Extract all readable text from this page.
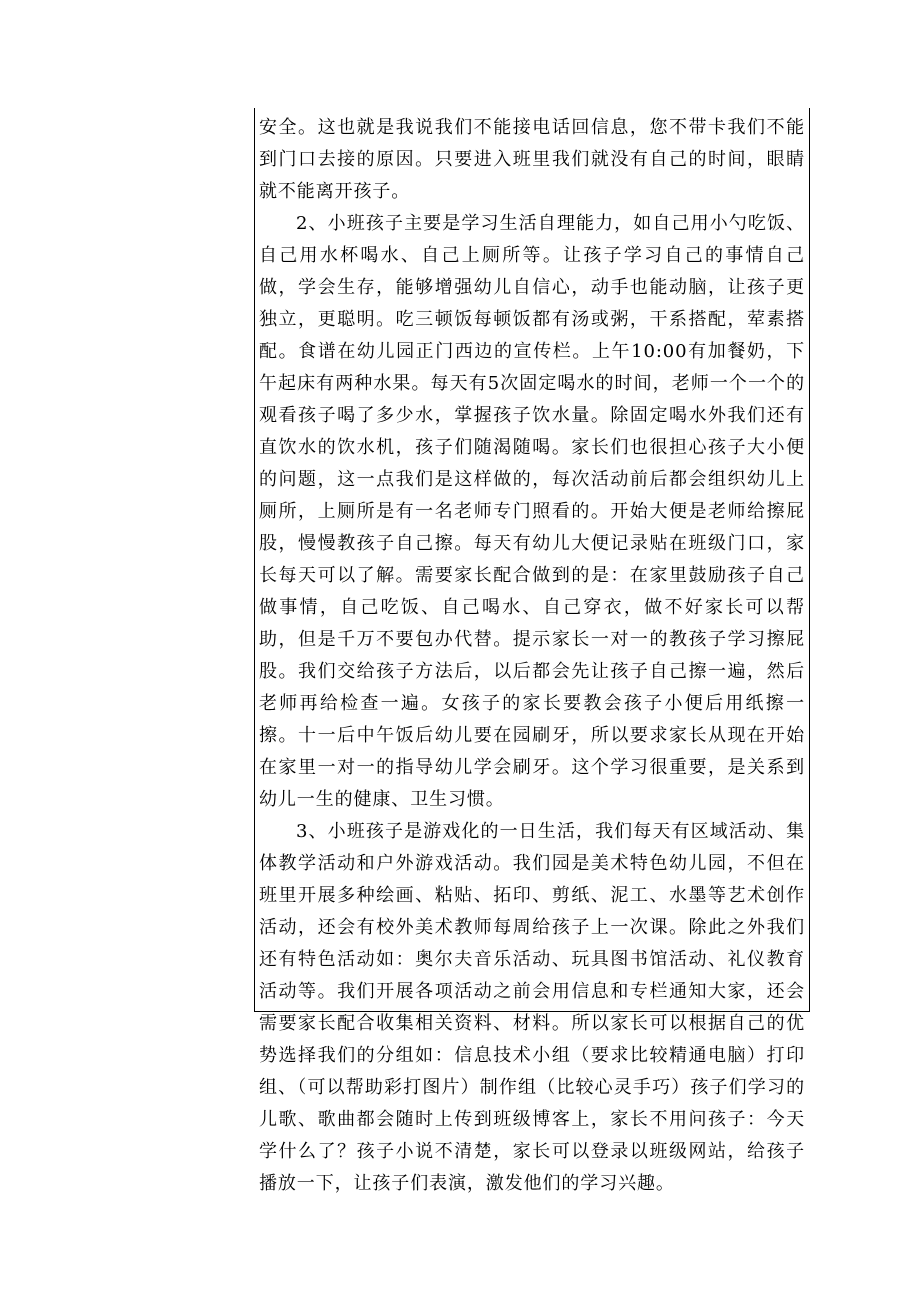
安全。这也就是我说我们不能接电话回信息，您不带卡我们不能到门口去接的原因。只要进入班里我们就没有自己的时间，眼睛就不能离开孩子。

2、小班孩子主要是学习生活自理能力，如自己用小勺吃饭、自己用水杯喝水、自己上厕所等。让孩子学习自己的事情自己做，学会生存，能够增强幼儿自信心，动手也能动脑，让孩子更独立，更聪明。吃三顿饭每顿饭都有汤或粥，干系搭配，荤素搭配。食谱在幼儿园正门西边的宣传栏。上午10:00有加餐奶，下午起床有两种水果。每天有5次固定喝水的时间，老师一个一个的观看孩子喝了多少水，掌握孩子饮水量。除固定喝水外我们还有直饮水的饮水机，孩子们随渴随喝。家长们也很担心孩子大小便的问题，这一点我们是这样做的，每次活动前后都会组织幼儿上厕所，上厕所是有一名老师专门照看的。开始大便是老师给擦屁股，慢慢教孩子自己擦。每天有幼儿大便记录贴在班级门口，家长每天可以了解。需要家长配合做到的是：在家里鼓励孩子自己做事情，自己吃饭、自己喝水、自己穿衣，做不好家长可以帮助，但是千万不要包办代替。提示家长一对一的教孩子学习擦屁股。我们交给孩子方法后，以后都会先让孩子自己擦一遍，然后老师再给检查一遍。女孩子的家长要教会孩子小便后用纸擦一擦。十一后中午饭后幼儿要在园刷牙，所以要求家长从现在开始在家里一对一的指导幼儿学会刷牙。这个学习很重要，是关系到幼儿一生的健康、卫生习惯。

3、小班孩子是游戏化的一日生活，我们每天有区域活动、集体教学活动和户外游戏活动。我们园是美术特色幼儿园，不但在班里开展多种绘画、粘贴、拓印、剪纸、泥工、水墨等艺术创作活动，还会有校外美术教师每周给孩子上一次课。除此之外我们还有特色活动如：奥尔夫音乐活动、玩具图书馆活动、礼仪教育活动等。我们开展各项活动之前会用信息和专栏通知大家，还会需要家长配合收集相关资料、材料。所以家长可以根据自己的优势选择我们的分组如：信息技术小组（要求比较精通电脑）打印组、（可以帮助彩打图片）制作组（比较心灵手巧）孩子们学习的儿歌、歌曲都会随时上传到班级博客上，家长不用问孩子：今天学什么了？孩子小说不清楚，家长可以登录以班级网站，给孩子播放一下，让孩子们表演，激发他们的学习兴趣。
